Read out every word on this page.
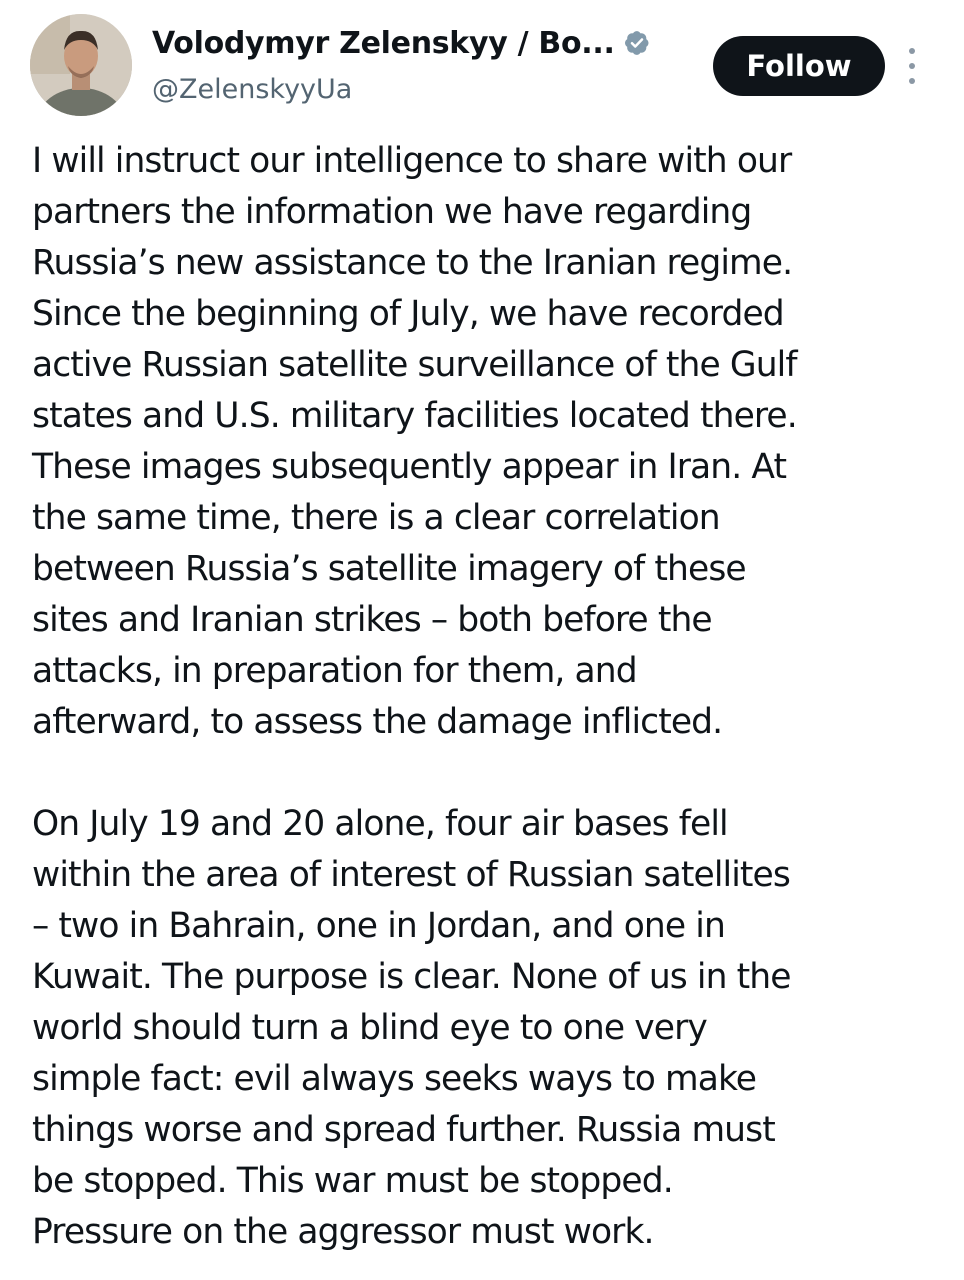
Volodymyr Zelenskyy / Во...
@ZelenskyyUa
Follow

I will instruct our intelligence to share with our
partners the information we have regarding
Russia’s new assistance to the Iranian regime.
Since the beginning of July, we have recorded
active Russian satellite surveillance of the Gulf
states and U.S. military facilities located there.
These images subsequently appear in Iran. At
the same time, there is a clear correlation
between Russia’s satellite imagery of these
sites and Iranian strikes – both before the
attacks, in preparation for them, and
afterward, to assess the damage inflicted.

On July 19 and 20 alone, four air bases fell
within the area of interest of Russian satellites
– two in Bahrain, one in Jordan, and one in
Kuwait. The purpose is clear. None of us in the
world should turn a blind eye to one very
simple fact: evil always seeks ways to make
things worse and spread further. Russia must
be stopped. This war must be stopped.
Pressure on the aggressor must work.
